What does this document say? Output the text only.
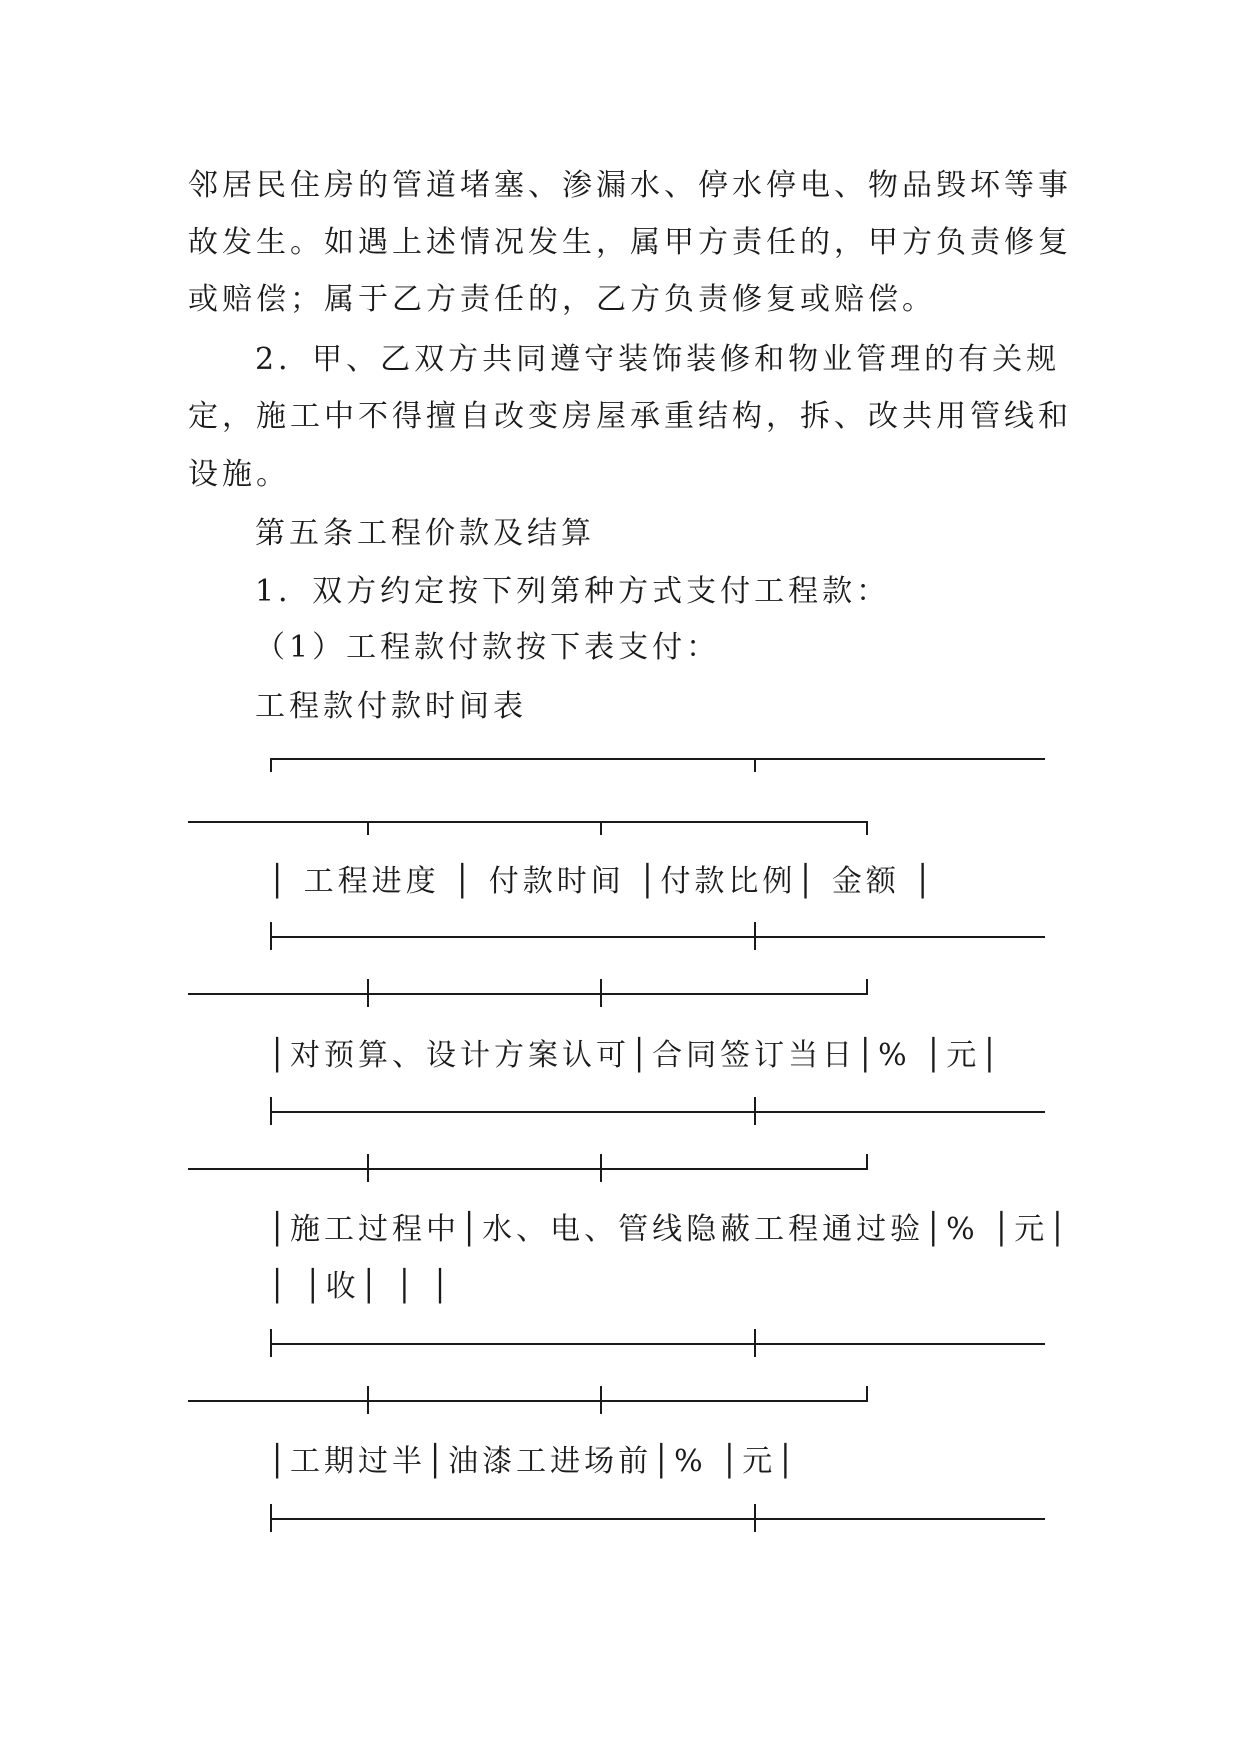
邻居民住房的管道堵塞、渗漏水、停水停电、物品毁坏等事
故发生。如遇上述情况发生，属甲方责任的，甲方负责修复
或赔偿；属于乙方责任的，乙方负责修复或赔偿。
2．甲、乙双方共同遵守装饰装修和物业管理的有关规
定，施工中不得擅自改变房屋承重结构，拆、改共用管线和
设施。
第五条工程价款及结算
1．双方约定按下列第种方式支付工程款：
（1）工程款付款按下表支付：
工程款付款时间表
│ 工程进度 │ 付款时间 │付款比例│ 金额 │
│对预算、设计方案认可│合同签订当日│% │元│
│施工过程中│水、电、管线隐蔽工程通过验│% │元│
│ │收│ │ │
│工期过半│油漆工进场前│% │元│
